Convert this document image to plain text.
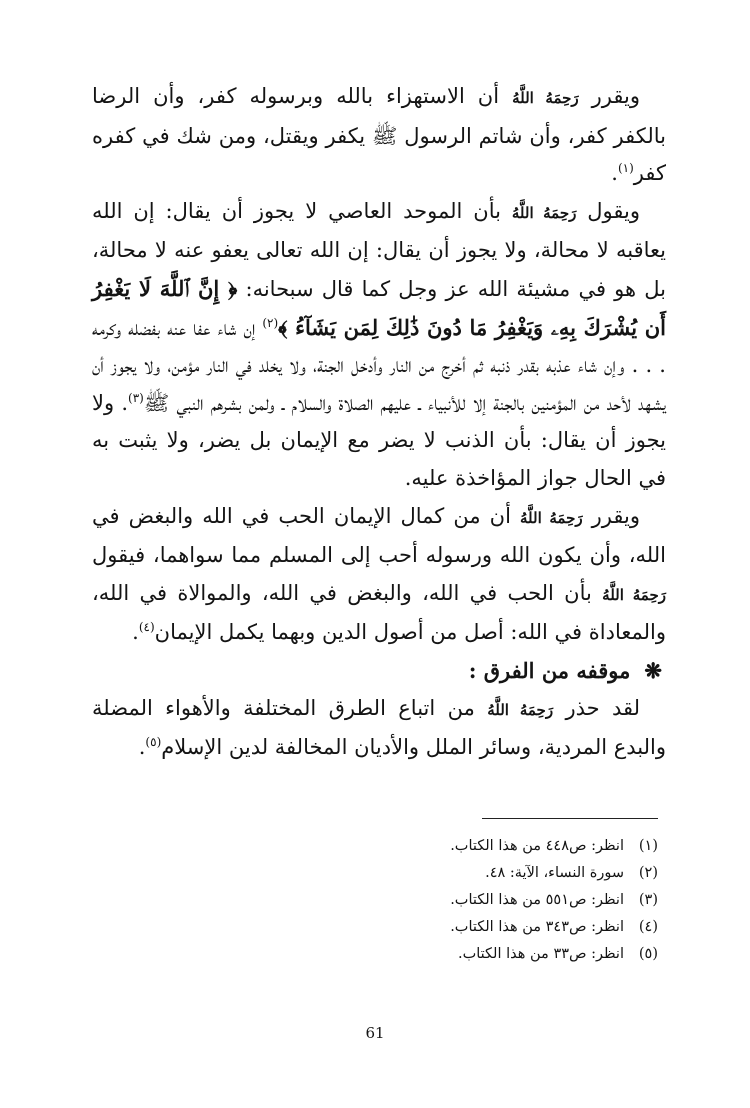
ويقرر رَحِمَهُ اللَّهُ أن الاستهزاء بالله وبرسوله كفر، وأن الرضا بالكفر كفر، وأن شاتم الرسول ﷺ يكفر ويقتل، ومن شك في كفره كفر$^{(١)}$.

ويقول رَحِمَهُ اللَّهُ بأن الموحد العاصي لا يجوز أن يقال: إن الله يعاقبه لا محالة، ولا يجوز أن يقال: إن الله تعالى يعفو عنه لا محالة، بل هو في مشيئة الله عز وجل كما قال سبحانه: ﴿ إِنَّ ٱللَّهَ لَا يَغْفِرُ أَن يُشْرَكَ بِهِۦ وَيَغْفِرُ مَا دُونَ ذَٰلِكَ لِمَن يَشَآءُ ﴾$^{(٢)}$ إن شاء عفا عنه بفضله وكرمه . . . وإن شاء عذبه بقدر ذنبه ثم أخرج من النار وأدخل الجنة، ولا يخلد في النار مؤمن، ولا يجوز أن يشهد لأحد من المؤمنين بالجنة إلا للأنبياء ـ عليهم الصلاة والسلام ـ ولمن بشرهم النبي ﷺ$^{(٣)}$. ولا يجوز أن يقال: بأن الذنب لا يضر مع الإيمان بل يضر، ولا يثبت به في الحال جواز المؤاخذة عليه.

ويقرر رَحِمَهُ اللَّهُ أن من كمال الإيمان الحب في الله والبغض في الله، وأن يكون الله ورسوله أحب إلى المسلم مما سواهما، فيقول رَحِمَهُ اللَّهُ بأن الحب في الله، والبغض في الله، والموالاة في الله، والمعاداة في الله: أصل من أصول الدين وبهما يكمل الإيمان$^{(٤)}$.

❋موقفه من الفرق :

لقد حذر رَحِمَهُ اللَّهُ من اتباع الطرق المختلفة والأهواء المضلة والبدع المردية، وسائر الملل والأديان المخالفة لدين الإسلام$^{(٥)}$.

(١)
انظر: ص٤٤٨ من هذا الكتاب.
(٢)
سورة النساء، الآية: ٤٨.
(٣)
انظر: ص٥٥١ من هذا الكتاب.
(٤)
انظر: ص٣٤٣ من هذا الكتاب.
(٥)
انظر: ص٣٣ من هذا الكتاب.
61
